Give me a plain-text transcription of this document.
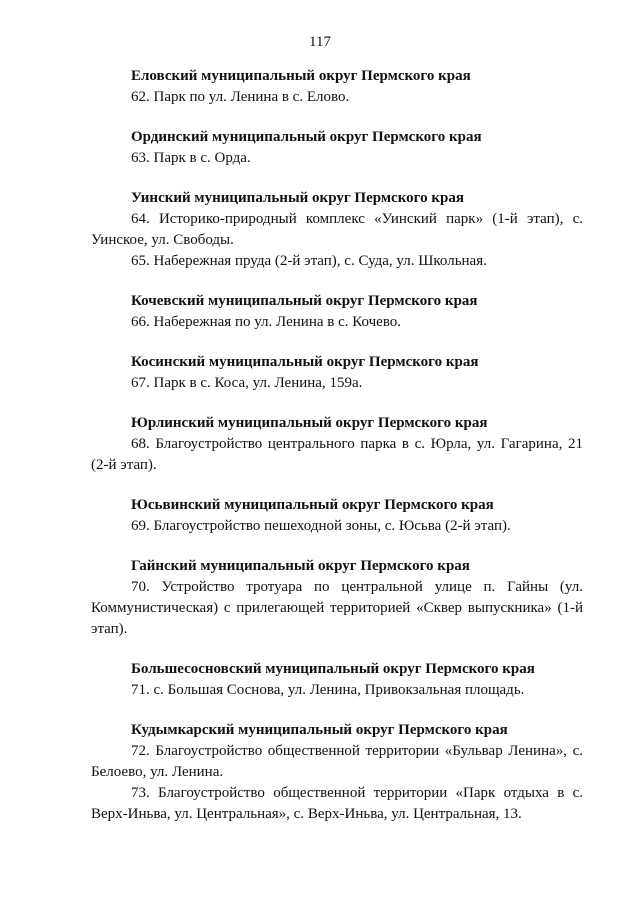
117

Еловский муниципальный округ Пермского края

62. Парк по ул. Ленина в с. Елово.

Ординский муниципальный округ Пермского края

63. Парк в с. Орда.

Уинский муниципальный округ Пермского края

64. Историко-природный комплекс «Уинский парк» (1-й этап), с. Уинское, ул. Свободы.

65. Набережная пруда (2-й этап), с. Суда, ул. Школьная.

Кочевский муниципальный округ Пермского края

66. Набережная по ул. Ленина в с. Кочево.

Косинский муниципальный округ Пермского края

67. Парк в с. Коса, ул. Ленина, 159а.

Юрлинский муниципальный округ Пермского края

68. Благоустройство центрального парка в с. Юрла, ул. Гагарина, 21 (2-й этап).

Юсьвинский муниципальный округ Пермского края

69. Благоустройство пешеходной зоны, с. Юсьва (2-й этап).

Гайнский муниципальный округ Пермского края

70. Устройство тротуара по центральной улице п. Гайны (ул. Коммунистическая) с прилегающей территорией «Сквер выпускника» (1-й этап).

Большесосновский муниципальный округ Пермского края

71. с. Большая Соснова, ул. Ленина, Привокзальная площадь.

Кудымкарский муниципальный округ Пермского края

72. Благоустройство общественной территории «Бульвар Ленина», с. Белоево, ул. Ленина.

73. Благоустройство общественной территории «Парк отдыха в с. Верх-Иньва, ул. Центральная», с. Верх-Иньва, ул. Центральная, 13.
